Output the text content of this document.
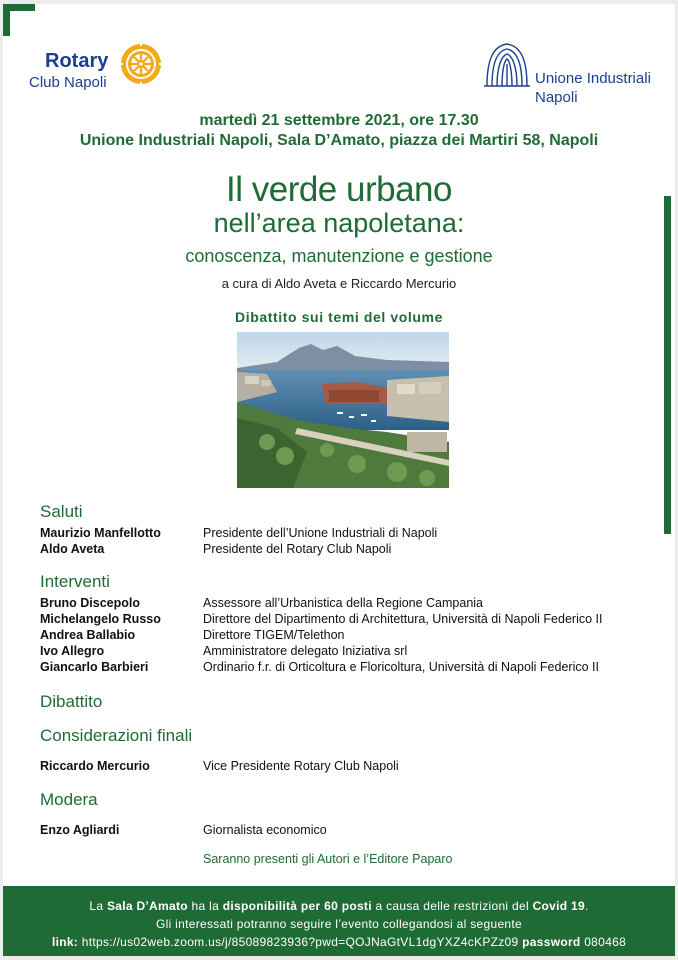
Rotary
Club Napoli	Unione Industriali
Napoli
martedì 21 settembre 2021, ore 17.30
Unione Industriali Napoli, Sala D’Amato, piazza dei Martiri 58, Napoli
Il verde urbano
nell’area napoletana:
conoscenza, manutenzione e gestione
a cura di Aldo Aveta e Riccardo Mercurio
Dibattito sui temi del volume
Saluti
Maurizio Manfellotto	Presidente dell’Unione Industriali di Napoli
Aldo Aveta	Presidente del Rotary Club Napoli
Interventi
Bruno Discepolo	Assessore all’Urbanistica della Regione Campania
Michelangelo Russo	Direttore del Dipartimento di Architettura, Università di Napoli Federico II
Andrea Ballabio	Direttore TIGEM/Telethon
Ivo Allegro	Amministratore delegato Iniziativa srl
Giancarlo Barbieri	Ordinario f.r. di Orticoltura e Floricoltura, Università di Napoli Federico II
Dibattito
Considerazioni finali
Riccardo Mercurio	Vice Presidente Rotary Club Napoli
Modera
Enzo Agliardi	Giornalista economico
Saranno presenti gli Autori e l’Editore Paparo
La Sala D’Amato ha la disponibilità per 60 posti a causa delle restrizioni del Covid 19.
Gli interessati potranno seguire l’evento collegandosi al seguente
link: https://us02web.zoom.us/j/85089823936?pwd=QOJNaGtVL1dgYXZ4cKPZz09 password 080468
